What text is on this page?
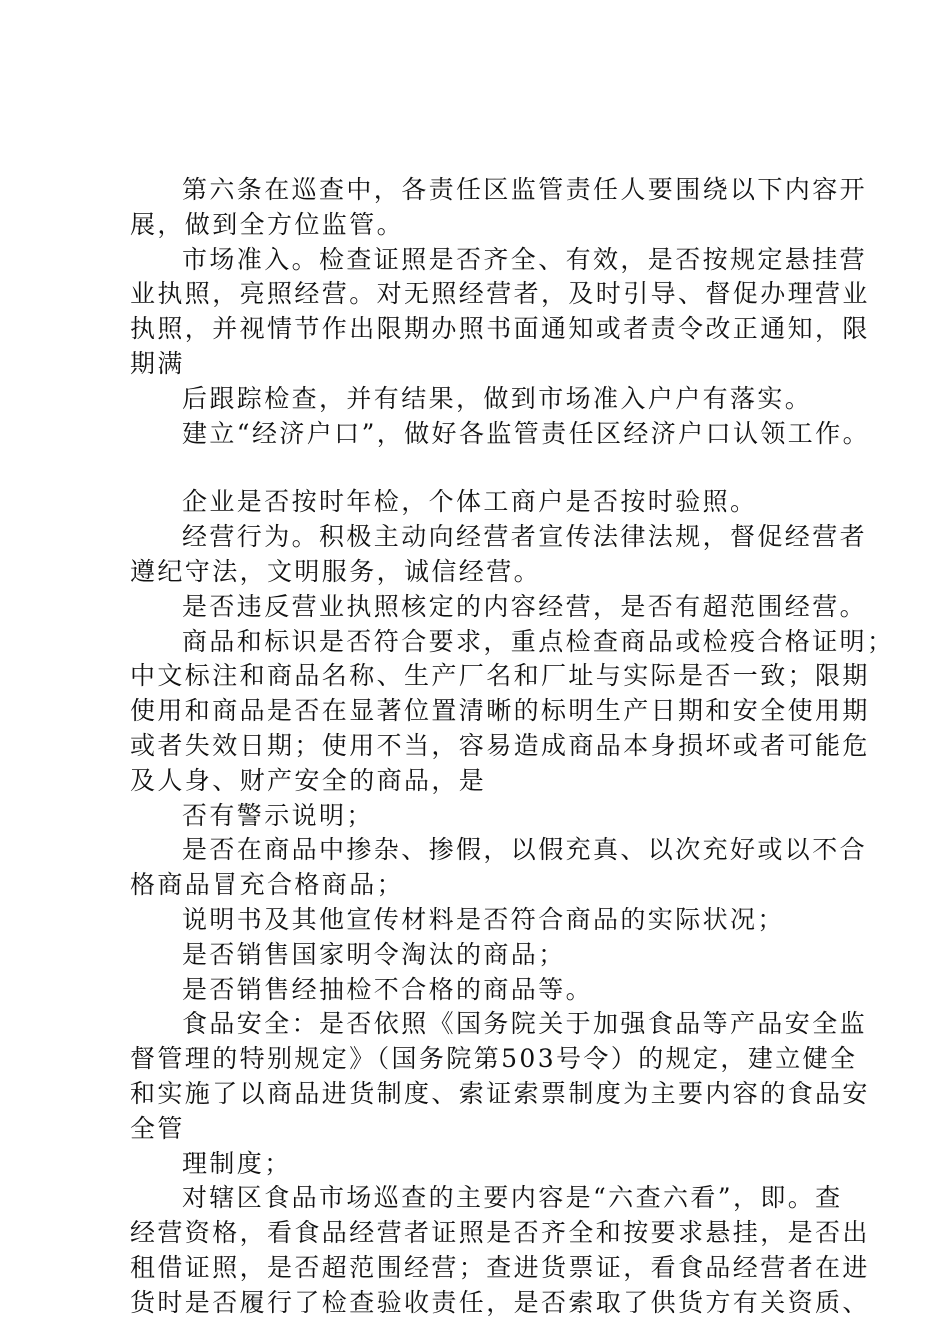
第六条在巡查中，各责任区监管责任人要围绕以下内容开

展，做到全方位监管。

市场准入。检查证照是否齐全、有效，是否按规定悬挂营

业执照，亮照经营。对无照经营者，及时引导、督促办理营业

执照，并视情节作出限期办照书面通知或者责令改正通知，限

期满

后跟踪检查，并有结果，做到市场准入户户有落实。

建立“经济户口”，做好各监管责任区经济户口认领工作。

企业是否按时年检，个体工商户是否按时验照。

经营行为。积极主动向经营者宣传法律法规，督促经营者

遵纪守法，文明服务，诚信经营。

是否违反营业执照核定的内容经营，是否有超范围经营。

商品和标识是否符合要求，重点检查商品或检疫合格证明；

中文标注和商品名称、生产厂名和厂址与实际是否一致；限期

使用和商品是否在显著位置清晰的标明生产日期和安全使用期

或者失效日期；使用不当，容易造成商品本身损坏或者可能危

及人身、财产安全的商品，是

否有警示说明；

是否在商品中掺杂、掺假，以假充真、以次充好或以不合

格商品冒充合格商品；

说明书及其他宣传材料是否符合商品的实际状况；

是否销售国家明令淘汰的商品；

是否销售经抽检不合格的商品等。

食品安全：是否依照《国务院关于加强食品等产品安全监

督管理的特别规定》（国务院第503号令）的规定，建立健全

和实施了以商品进货制度、索证索票制度为主要内容的食品安

全管

理制度；

对辖区食品市场巡查的主要内容是“六查六看”，即。查

经营资格，看食品经营者证照是否齐全和按要求悬挂，是否出

租借证照，是否超范围经营；查进货票证，看食品经营者在进

货时是否履行了检查验收责任，是否索取了供货方有关资质、
